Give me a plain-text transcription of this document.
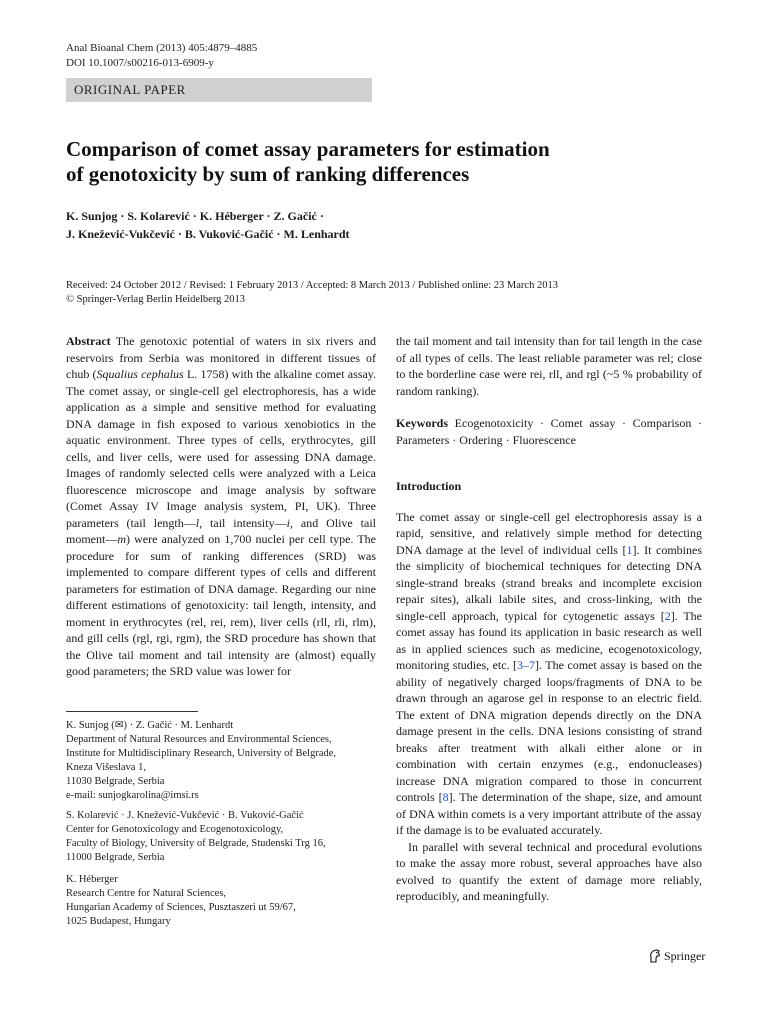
Anal Bioanal Chem (2013) 405:4879–4885
DOI 10.1007/s00216-013-6909-y
ORIGINAL PAPER
Comparison of comet assay parameters for estimation
of genotoxicity by sum of ranking differences
K. Sunjog · S. Kolarević · K. Héberger · Z. Gačić ·
J. Knežević-Vukčević · B. Vuković-Gačić · M. Lenhardt
Received: 24 October 2012 / Revised: 1 February 2013 / Accepted: 8 March 2013 / Published online: 23 March 2013
© Springer-Verlag Berlin Heidelberg 2013

Abstract The genotoxic potential of waters in six rivers and reservoirs from Serbia was monitored in different tissues of chub (Squalius cephalus L. 1758) with the alkaline comet assay. The comet assay, or single-cell gel electrophoresis, has a wide application as a simple and sensitive method for evaluating DNA damage in fish exposed to various xenobiotics in the aquatic environment. Three types of cells, erythrocytes, gill cells, and liver cells, were used for assessing DNA damage. Images of randomly selected cells were analyzed with a Leica fluorescence microscope and image analysis by software (Comet Assay IV Image analysis system, PI, UK). Three parameters (tail length—l, tail intensity—i, and Olive tail moment—m) were analyzed on 1,700 nuclei per cell type. The procedure for sum of ranking differences (SRD) was implemented to compare different types of cells and different parameters for estimation of DNA damage. Regarding our nine different estimations of genotoxicity: tail length, intensity, and moment in erythrocytes (rel, rei, rem), liver cells (rll, rli, rlm), and gill cells (rgl, rgi, rgm), the SRD procedure has shown that the Olive tail moment and tail intensity are (almost) equally good parameters; the SRD value was lower for

the tail moment and tail intensity than for tail length in the case of all types of cells. The least reliable parameter was rel; close to the borderline case were rei, rll, and rgl (~5 % probability of random ranking).

Keywords Ecogenotoxicity · Comet assay · Comparison · Parameters · Ordering · Fluorescence

Introduction

The comet assay or single-cell gel electrophoresis assay is a rapid, sensitive, and relatively simple method for detecting DNA damage at the level of individual cells [1]. It combines the simplicity of biochemical techniques for detecting DNA single-strand breaks (strand breaks and incomplete excision repair sites), alkali labile sites, and cross-linking, with the single-cell approach, typical for cytogenetic assays [2]. The comet assay has found its application in basic research as well as in applied sciences such as medicine, ecogenotoxicology, monitoring studies, etc. [3–7]. The comet assay is based on the ability of negatively charged loops/fragments of DNA to be drawn through an agarose gel in response to an electric field. The extent of DNA migration depends directly on the DNA damage present in the cells. DNA lesions consisting of strand breaks after treatment with alkali either alone or in combination with certain enzymes (e.g., endonucleases) increase DNA migration compared to those in concurrent controls [8]. The determination of the shape, size, and amount of DNA within comets is a very important attribute of the assay if the damage is to be evaluated accurately.

In parallel with several technical and procedural evolutions to make the assay more robust, several approaches have also evolved to quantify the extent of damage more reliably, reproducibly, and meaningfully.

K. Sunjog (✉) · Z. Gačić · M. Lenhardt
Department of Natural Resources and Environmental Sciences,
Institute for Multidisciplinary Research, University of Belgrade,
Kneza Višeslava 1,
11030 Belgrade, Serbia
e-mail: sunjogkarolina@imsi.rs
S. Kolarević · J. Knežević-Vukčević · B. Vuković-Gačić
Center for Genotoxicology and Ecogenotoxicology,
Faculty of Biology, University of Belgrade, Studenski Trg 16,
11000 Belgrade, Serbia
K. Héberger
Research Centre for Natural Sciences,
Hungarian Academy of Sciences, Pusztaszeri ut 59/67,
1025 Budapest, Hungary
Springer
